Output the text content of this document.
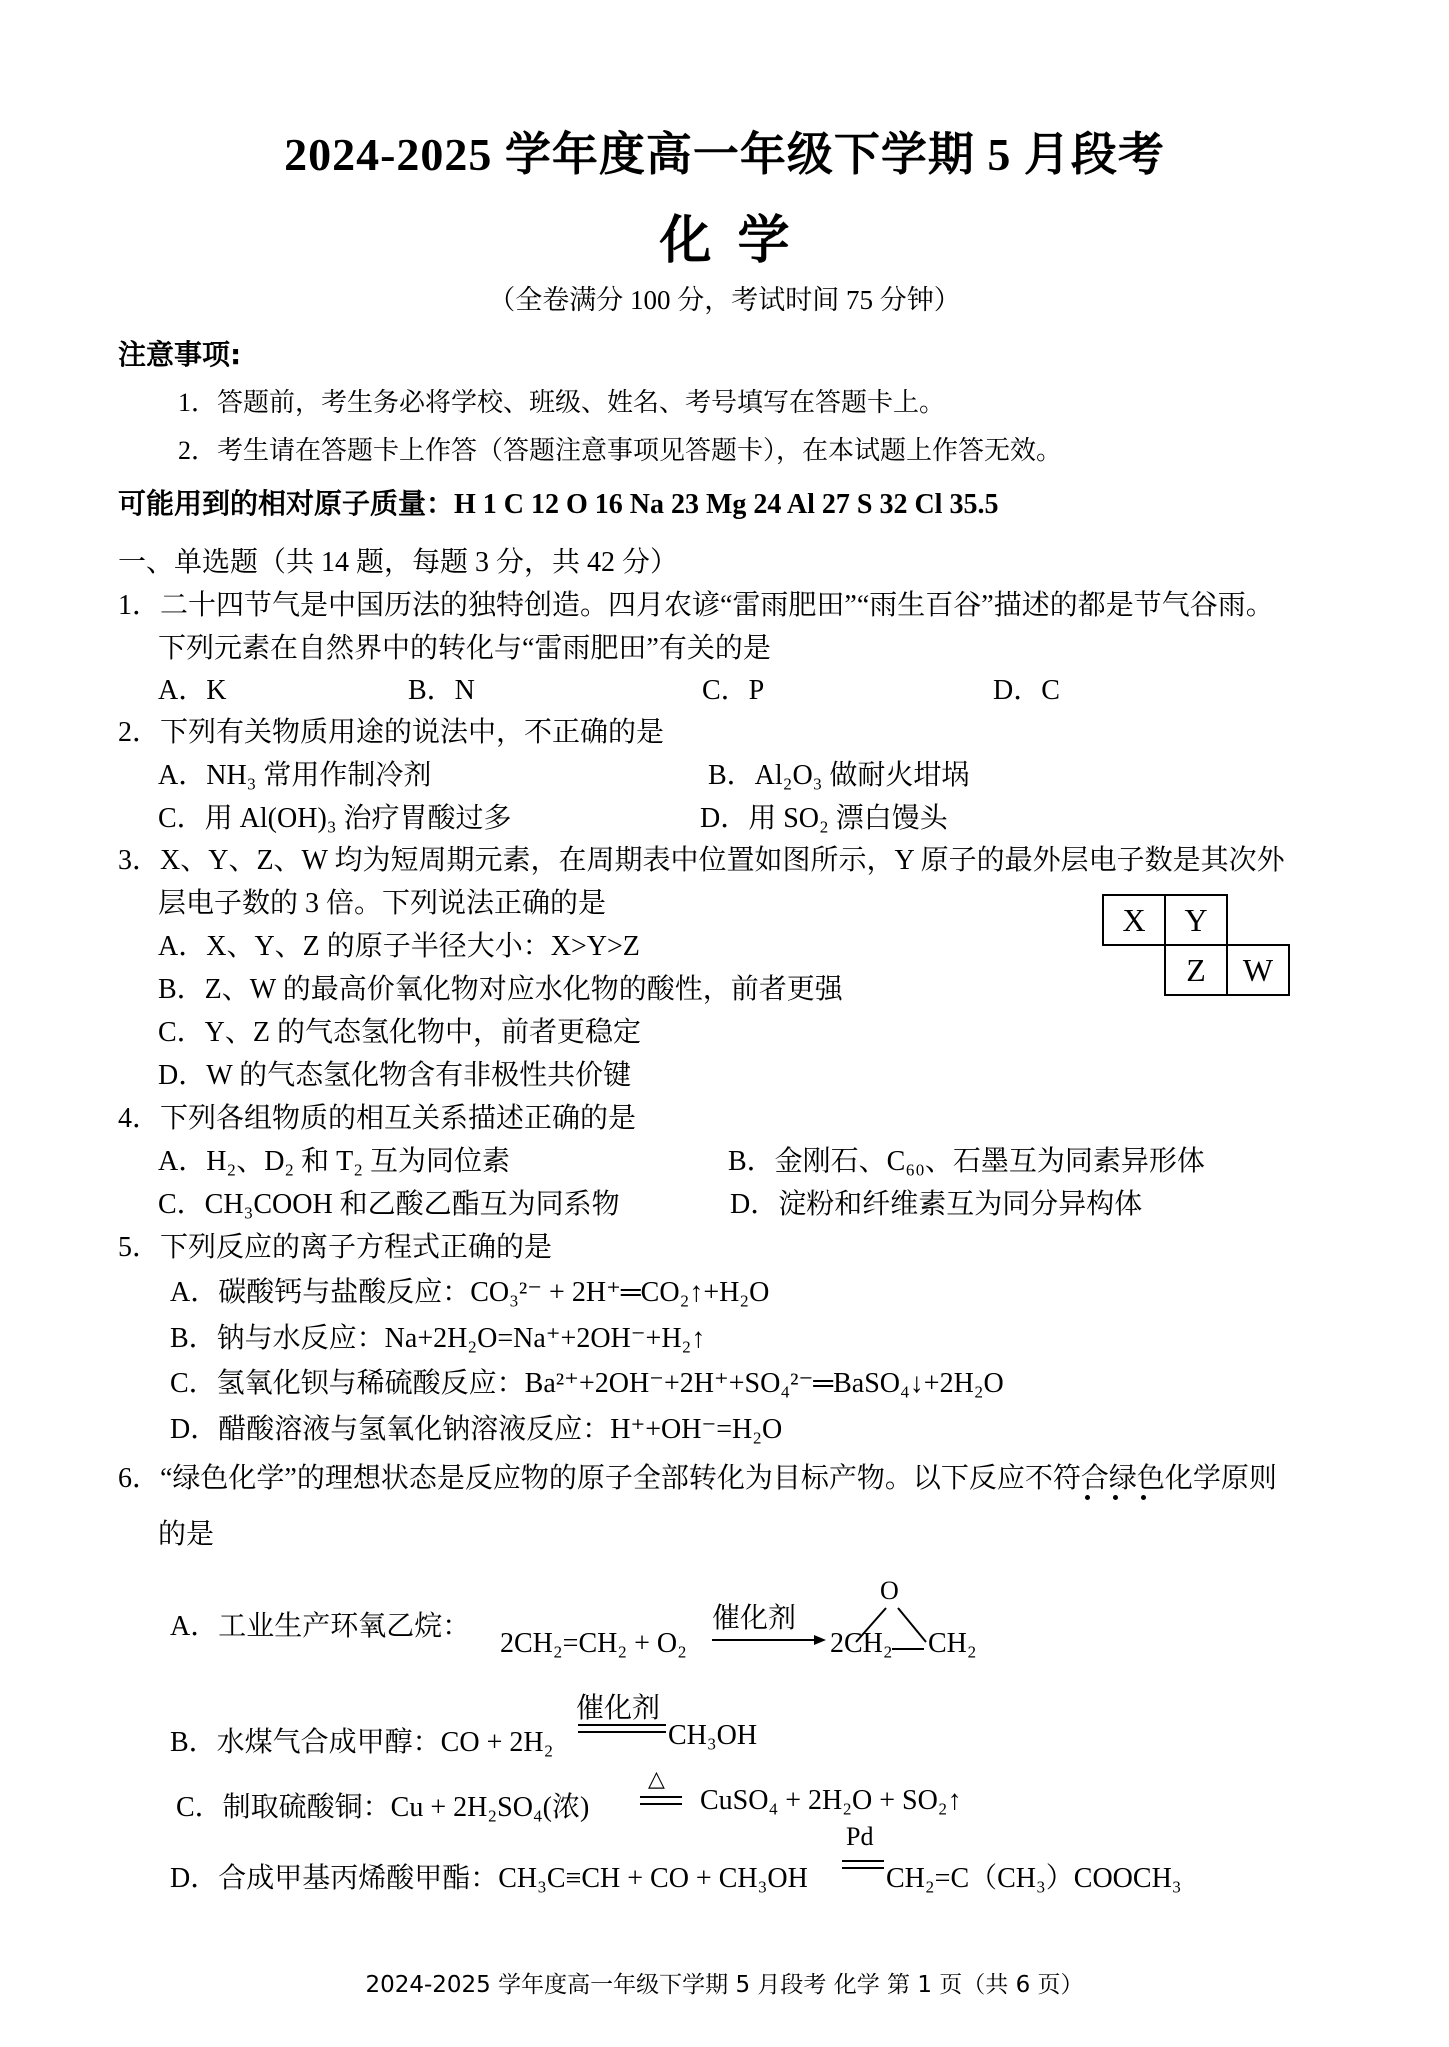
2024-2025 学年度高一年级下学期 5 月段考
化学
（全卷满分 100 分，考试时间 75 分钟）
注意事项:
1．答题前，考生务必将学校、班级、姓名、考号填写在答题卡上。
2．考生请在答题卡上作答（答题注意事项见答题卡），在本试题上作答无效。
可能用到的相对原子质量：H 1 C 12 O 16 Na 23 Mg 24 Al 27 S 32 Cl 35.5
一、单选题（共 14 题，每题 3 分，共 42 分）
1．二十四节气是中国历法的独特创造。四月农谚“雷雨肥田”“雨生百谷”描述的都是节气谷雨。
下列元素在自然界中的转化与“雷雨肥田”有关的是
A．K	B．N	C．P	D．C
2．下列有关物质用途的说法中，不正确的是
A．NH₃ 常用作制冷剂	B．Al₂O₃ 做耐火坩埚
C．用 Al(OH)₃ 治疗胃酸过多	D．用 SO₂ 漂白馒头
3．X、Y、Z、W 均为短周期元素，在周期表中位置如图所示，Y 原子的最外层电子数是其次外
层电子数的 3 倍。下列说法正确的是
A．X、Y、Z 的原子半径大小：X>Y>Z
B．Z、W 的最高价氧化物对应水化物的酸性，前者更强
C．Y、Z 的气态氢化物中，前者更稳定
D．W 的气态氢化物含有非极性共价键
X	Y
Z	W
4．下列各组物质的相互关系描述正确的是
A．H₂、D₂ 和 T₂ 互为同位素	B．金刚石、C₆₀、石墨互为同素异形体
C．CH₃COOH 和乙酸乙酯互为同系物	D．淀粉和纤维素互为同分异构体
5．下列反应的离子方程式正确的是
A．碳酸钙与盐酸反应：CO₃²⁻ + 2H⁺═CO₂↑+H₂O
B．钠与水反应：Na+2H₂O=Na⁺+2OH⁻+H₂↑
C．氢氧化钡与稀硫酸反应：Ba²⁺+2OH⁻+2H⁺+SO₄²⁻═BaSO₄↓+2H₂O
D．醋酸溶液与氢氧化钠溶液反应：H⁺+OH⁻=H₂O
6．“绿色化学”的理想状态是反应物的原子全部转化为目标产物。以下反应不符合绿色化学原则
的是
A．工业生产环氧乙烷：
2CH₂=CH₂ + O₂
催化剂
2CH₂ CH₂
O
B．水煤气合成甲醇：CO + 2H₂
催化剂
CH₃OH
C．制取硫酸铜：Cu + 2H₂SO₄(浓)
△
CuSO₄ + 2H₂O + SO₂↑
D．合成甲基丙烯酸甲酯：CH₃C≡CH + CO + CH₃OH
Pd
CH₂=C（CH₃）COOCH₃
2024-2025 学年度高一年级下学期 5 月段考 化学 第 1 页（共 6 页）
